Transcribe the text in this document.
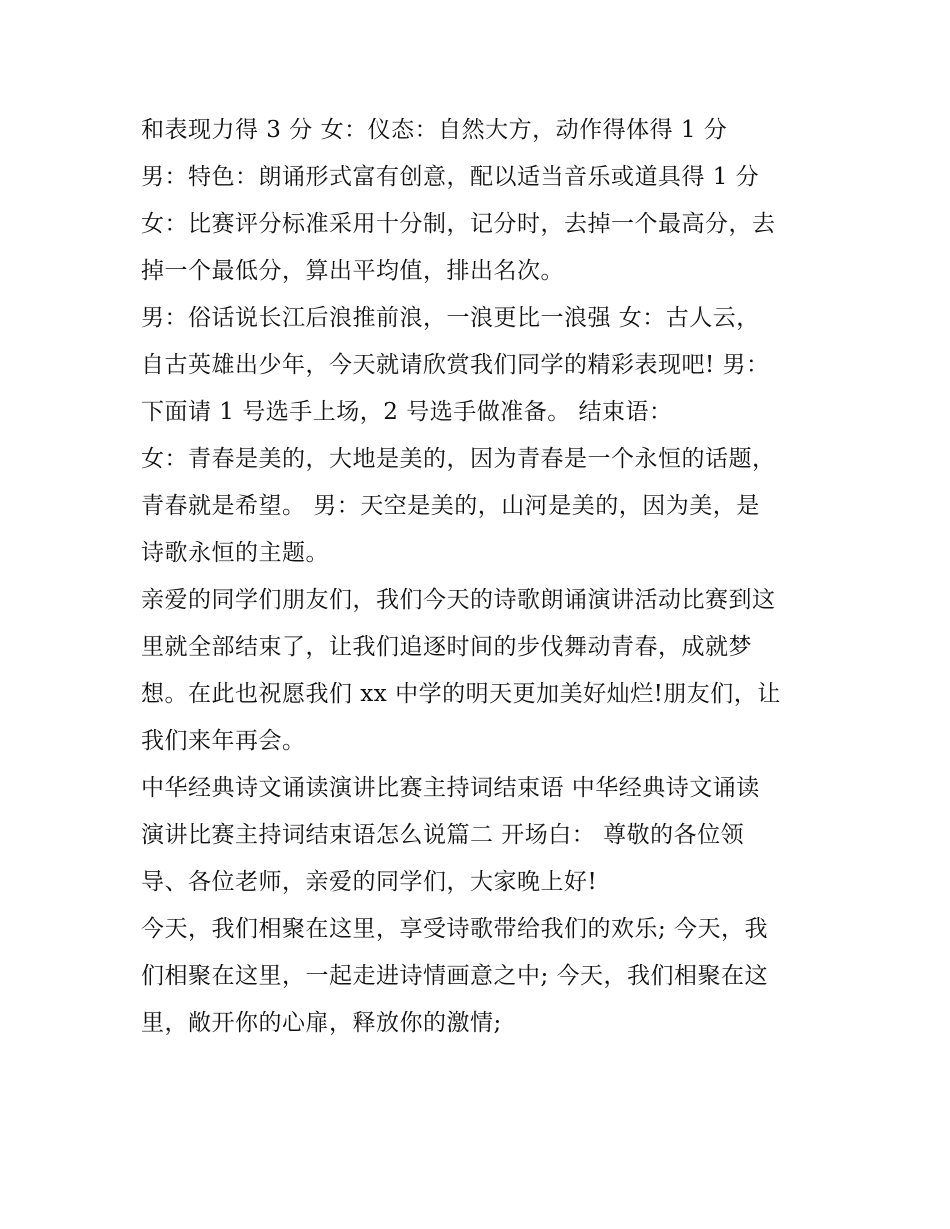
和表现力得 3 分 女：仪态：自然大方，动作得体得 1 分
男：特色：朗诵形式富有创意，配以适当音乐或道具得 1 分
女：比赛评分标准采用十分制，记分时，去掉一个最高分，去
掉一个最低分，算出平均值，排出名次。
男：俗话说长江后浪推前浪，一浪更比一浪强 女：古人云，
自古英雄出少年，今天就请欣赏我们同学的精彩表现吧! 男：
下面请 1 号选手上场，2 号选手做准备。 结束语：
女：青春是美的，大地是美的，因为青春是一个永恒的话题，
青春就是希望。 男：天空是美的，山河是美的，因为美，是
诗歌永恒的主题。
亲爱的同学们朋友们，我们今天的诗歌朗诵演讲活动比赛到这
里就全部结束了，让我们追逐时间的步伐舞动青春，成就梦
想。在此也祝愿我们 xx 中学的明天更加美好灿烂!朋友们，让
我们来年再会。
中华经典诗文诵读演讲比赛主持词结束语 中华经典诗文诵读
演讲比赛主持词结束语怎么说篇二 开场白： 尊敬的各位领
导、各位老师，亲爱的同学们，大家晚上好!
今天，我们相聚在这里，享受诗歌带给我们的欢乐; 今天，我
们相聚在这里，一起走进诗情画意之中; 今天，我们相聚在这
里，敞开你的心扉，释放你的激情;
